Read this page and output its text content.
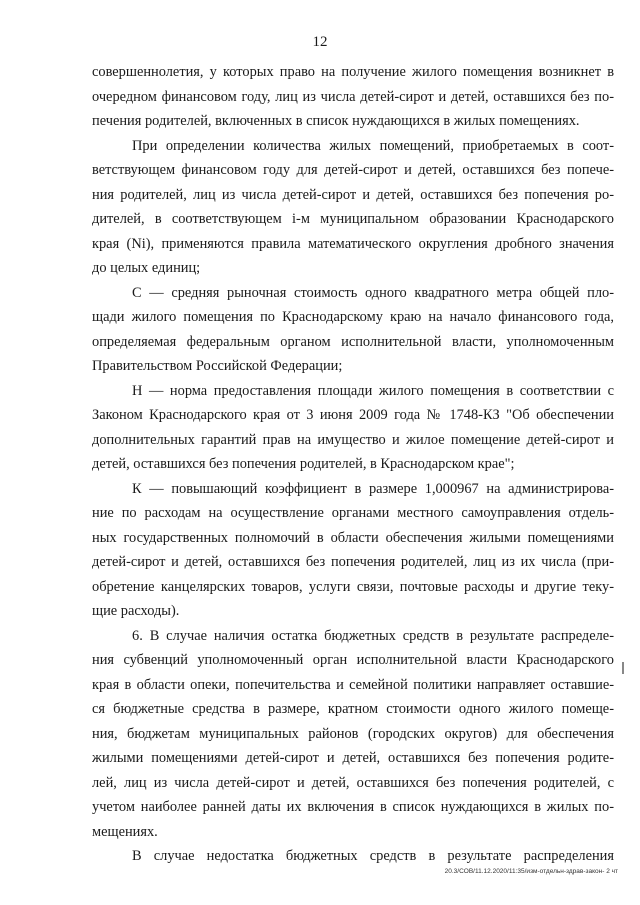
12
совершеннолетия, у которых право на получение жилого помещения возникнет в
очередном финансовом году, лиц из числа детей-сирот и детей, оставшихся без по-
печения родителей, включенных в список нуждающихся в жилых помещениях.
При определении количества жилых помещений, приобретаемых в соот-
ветствующем финансовом году для детей-сирот и детей, оставшихся без попече-
ния родителей, лиц из числа детей-сирот и детей, оставшихся без попечения ро-
дителей, в соответствующем i-м муниципальном образовании Краснодарского
края (Ni), применяются правила математического округления дробного значения
до целых единиц;
С — средняя рыночная стоимость одного квадратного метра общей пло-
щади жилого помещения по Краснодарскому краю на начало финансового года,
определяемая федеральным органом исполнительной власти, уполномоченным
Правительством Российской Федерации;
Н — норма предоставления площади жилого помещения в соответствии с
Законом Краснодарского края от 3 июня 2009 года № 1748-КЗ "Об обеспечении
дополнительных гарантий прав на имущество и жилое помещение детей-сирот и
детей, оставшихся без попечения родителей, в Краснодарском крае";
К — повышающий коэффициент в размере 1,000967 на администрирова-
ние по расходам на осуществление органами местного самоуправления отдель-
ных государственных полномочий в области обеспечения жилыми помещениями
детей-сирот и детей, оставшихся без попечения родителей, лиц из их числа (при-
обретение канцелярских товаров, услуги связи, почтовые расходы и другие теку-
щие расходы).
6. В случае наличия остатка бюджетных средств в результате распределе-
ния субвенций уполномоченный орган исполнительной власти Краснодарского
края в области опеки, попечительства и семейной политики направляет оставшие-
ся бюджетные средства в размере, кратном стоимости одного жилого помеще-
ния, бюджетам муниципальных районов (городских округов) для обеспечения
жилыми помещениями детей-сирот и детей, оставшихся без попечения родите-
лей, лиц из числа детей-сирот и детей, оставшихся без попечения родителей, с
учетом наиболее ранней даты их включения в список нуждающихся в жилых по-
мещениях.
В случае недостатка бюджетных средств в результате распределения
20.3/COB/11.12.2020/11:35/изм-отдельн-здрав-закон- 2 чт
